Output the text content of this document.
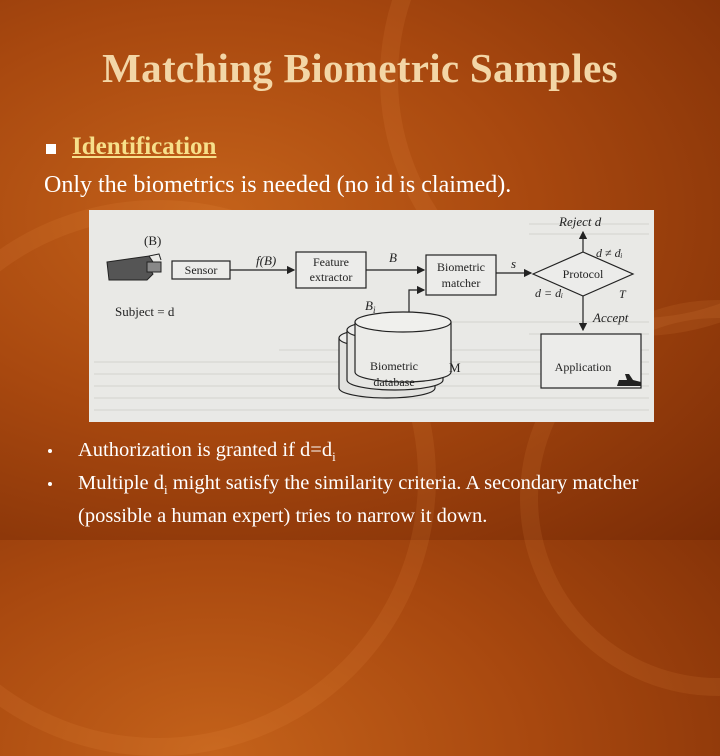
Matching Biometric Samples
Identification
Only the biometrics is needed (no id is claimed).
(B)
Sensor
f(B)
Subject = d
Feature
extractor
B
Biometric
matcher
s
Reject d
Protocol
d ≠ dᵢ
d = dᵢ	T
Accept
Application
Biometric
database
M
$B_i$
Authorization is granted if $d=d_i$
Multiple $d_i$ might satisfy the similarity criteria. A secondary matcher (possible a human expert) tries to narrow it down.
